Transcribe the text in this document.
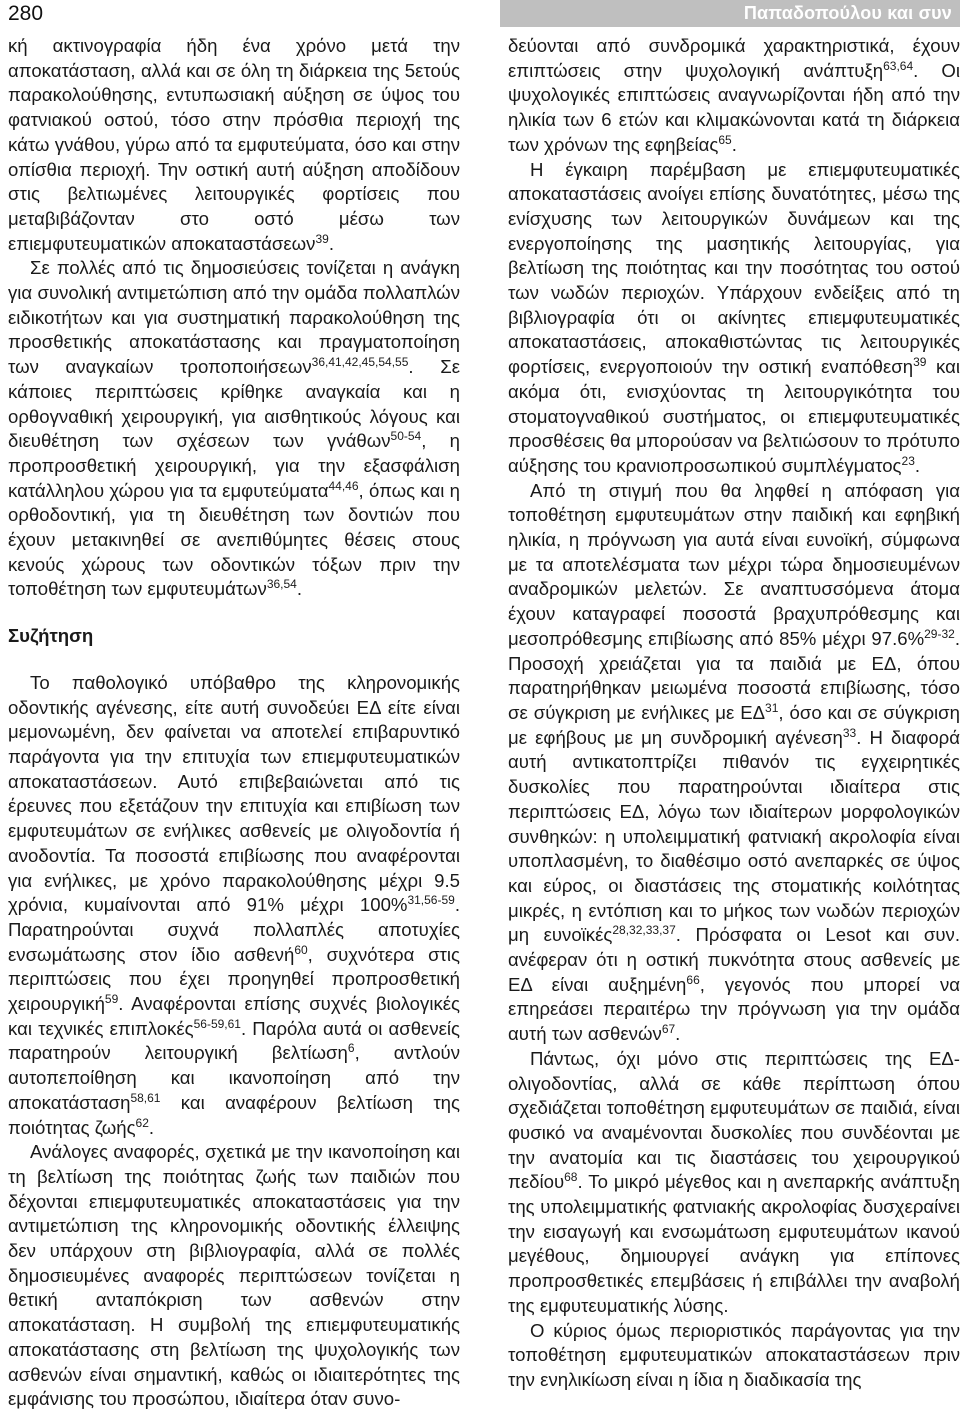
280	Παπαδοπούλου και συν

κή ακτινογραφία ήδη ένα χρόνο μετά την αποκατάσταση, αλλά και σε όλη τη διάρκεια της 5ετούς παρακολούθησης, εντυπωσιακή αύξηση σε ύψος του φατνιακού οστού, τόσο στην πρόσθια περιοχή της κάτω γνάθου, γύρω από τα εμφυτεύματα, όσο και στην οπίσθια περιοχή. Την οστική αυτή αύξηση αποδίδουν στις βελτιωμένες λειτουργικές φορτίσεις που μεταβιβάζονταν στο οστό μέσω των επιεμφυτευματικών αποκαταστάσεων$^{39}$.

Σε πολλές από τις δημοσιεύσεις τονίζεται η ανάγκη για συνολική αντιμετώπιση από την ομάδα πολλαπλών ειδικοτήτων και για συστηματική παρακολούθηση της προσθετικής αποκατάστασης και πραγματοποίηση των αναγκαίων τροποποιήσεων$^{36,41,42,45,54,55}$. Σε κάποιες περιπτώσεις κρίθηκε αναγκαία και η ορθογναθική χειρουργική, για αισθητικούς λόγους και διευθέτηση των σχέσεων των γνάθων$^{50-54}$, η προπροσθετική χειρουργική, για την εξασφάλιση κατάλληλου χώρου για τα εμφυτεύματα$^{44,46}$, όπως και η ορθοδοντική, για τη διευθέτηση των δοντιών που έχουν μετακινηθεί σε ανεπιθύμητες θέσεις στους κενούς χώρους των οδοντικών τόξων πριν την τοποθέτηση των εμφυτευμάτων$^{36,54}$.

Συζήτηση

Το παθολογικό υπόβαθρο της κληρονομικής οδοντικής αγένεσης, είτε αυτή συνοδεύει ΕΔ είτε είναι μεμονωμένη, δεν φαίνεται να αποτελεί επιβαρυντικό παράγοντα για την επιτυχία των επιεμφυτευματικών αποκαταστάσεων. Αυτό επιβεβαιώνεται από τις έρευνες που εξετάζουν την επιτυχία και επιβίωση των εμφυτευμάτων σε ενήλικες ασθενείς με ολιγοδοντία ή ανοδοντία. Τα ποσοστά επιβίωσης που αναφέρονται για ενήλικες, με χρόνο παρακολούθησης μέχρι 9.5 χρόνια, κυμαίνονται από 91% μέχρι 100%$^{31,56-59}$. Παρατηρούνται συχνά πολλαπλές αποτυχίες ενσωμάτωσης στον ίδιο ασθενή$^{60}$, συχνότερα στις περιπτώσεις που έχει προηγηθεί προπροσθετική χειρουργική$^{59}$. Αναφέρονται επίσης συχνές βιολογικές και τεχνικές επιπλοκές$^{56-59,61}$. Παρόλα αυτά οι ασθενείς παρατηρούν λειτουργική βελτίωση$^6$, αντλούν αυτοπεποίθηση και ικανοποίηση από την αποκατάσταση$^{58,61}$ και αναφέρουν βελτίωση της ποιότητας ζωής$^{62}$.

Ανάλογες αναφορές, σχετικά με την ικανοποίηση και τη βελτίωση της ποιότητας ζωής των παιδιών που δέχονται επιεμφυτευματικές αποκαταστάσεις για την αντιμετώπιση της κληρονομικής οδοντικής έλλειψης δεν υπάρχουν στη βιβλιογραφία, αλλά σε πολλές δημοσιευμένες αναφορές περιπτώσεων τονίζεται η θετική ανταπόκριση των ασθενών στην αποκατάσταση. Η συμβολή της επιεμφυτευματικής αποκατάστασης στη βελτίωση της ψυχολογικής των ασθενών είναι σημαντική, καθώς οι ιδιαιτερότητες της εμφάνισης του προσώπου, ιδιαίτερα όταν συνο-

δεύονται από συνδρομικά χαρακτηριστικά, έχουν επιπτώσεις στην ψυχολογική ανάπτυξη$^{63,64}$. Οι ψυχολογικές επιπτώσεις αναγνωρίζονται ήδη από την ηλικία των 6 ετών και κλιμακώνονται κατά τη διάρκεια των χρόνων της εφηβείας$^{65}$.

Η έγκαιρη παρέμβαση με επιεμφυτευματικές αποκαταστάσεις ανοίγει επίσης δυνατότητες, μέσω της ενίσχυσης των λειτουργικών δυνάμεων και της ενεργοποίησης της μασητικής λειτουργίας, για βελτίωση της ποιότητας και την ποσότητας του οστού των νωδών περιοχών. Υπάρχουν ενδείξεις από τη βιβλιογραφία ότι οι ακίνητες επιεμφυτευματικές αποκαταστάσεις, αποκαθιστώντας τις λειτουργικές φορτίσεις, ενεργοποιούν την οστική εναπόθεση$^{39}$ και ακόμα ότι, ενισχύοντας τη λειτουργικότητα του στοματογναθικού συστήματος, οι επιεμφυτευματικές προσθέσεις θα μπορούσαν να βελτιώσουν το πρότυπο αύξησης του κρανιοπροσωπικού συμπλέγματος$^{23}$.

Από τη στιγμή που θα ληφθεί η απόφαση για τοποθέτηση εμφυτευμάτων στην παιδική και εφηβική ηλικία, η πρόγνωση για αυτά είναι ευνοϊκή, σύμφωνα με τα αποτελέσματα των μέχρι τώρα δημοσιευμένων αναδρομικών μελετών. Σε αναπτυσσόμενα άτομα έχουν καταγραφεί ποσοστά βραχυπρόθεσμης και μεσοπρόθεσμης επιβίωσης από 85% μέχρι 97.6%$^{29-32}$. Προσοχή χρειάζεται για τα παιδιά με ΕΔ, όπου παρατηρήθηκαν μειωμένα ποσοστά επιβίωσης, τόσο σε σύγκριση με ενήλικες με ΕΔ$^{31}$, όσο και σε σύγκριση με εφήβους με μη συνδρομική αγένεση$^{33}$. Η διαφορά αυτή αντικατοπτρίζει πιθανόν τις εγχειρητικές δυσκολίες που παρατηρούνται ιδιαίτερα στις περιπτώσεις ΕΔ, λόγω των ιδιαίτερων μορφολογικών συνθηκών: η υπολειμματική φατνιακή ακρολοφία είναι υποπλασμένη, το διαθέσιμο οστό ανεπαρκές σε ύψος και εύρος, οι διαστάσεις της στοματικής κοιλότητας μικρές, η εντόπιση και το μήκος των νωδών περιοχών μη ευνοϊκές$^{28,32,33,37}$. Πρόσφατα οι Lesot και συν. ανέφεραν ότι η οστική πυκνότητα στους ασθενείς με ΕΔ είναι αυξημένη$^{66}$, γεγονός που μπορεί να επηρεάσει περαιτέρω την πρόγνωση για την ομάδα αυτή των ασθενών$^{67}$.

Πάντως, όχι μόνο στις περιπτώσεις της ΕΔ-ολιγοδοντίας, αλλά σε κάθε περίπτωση όπου σχεδιάζεται τοποθέτηση εμφυτευμάτων σε παιδιά, είναι φυσικό να αναμένονται δυσκολίες που συνδέονται με την ανατομία και τις διαστάσεις του χειρουργικού πεδίου$^{68}$. Το μικρό μέγεθος και η ανεπαρκής ανάπτυξη της υπολειμματικής φατνιακής ακρολοφίας δυσχεραίνει την εισαγωγή και ενσωμάτωση εμφυτευμάτων ικανού μεγέθους, δημιουργεί ανάγκη για επίπονες προπροσθετικές επεμβάσεις ή επιβάλλει την αναβολή της εμφυτευματικής λύσης.

Ο κύριος όμως περιοριστικός παράγοντας για την τοποθέτηση εμφυτευματικών αποκαταστάσεων πριν την ενηλικίωση είναι η ίδια η διαδικασία της
